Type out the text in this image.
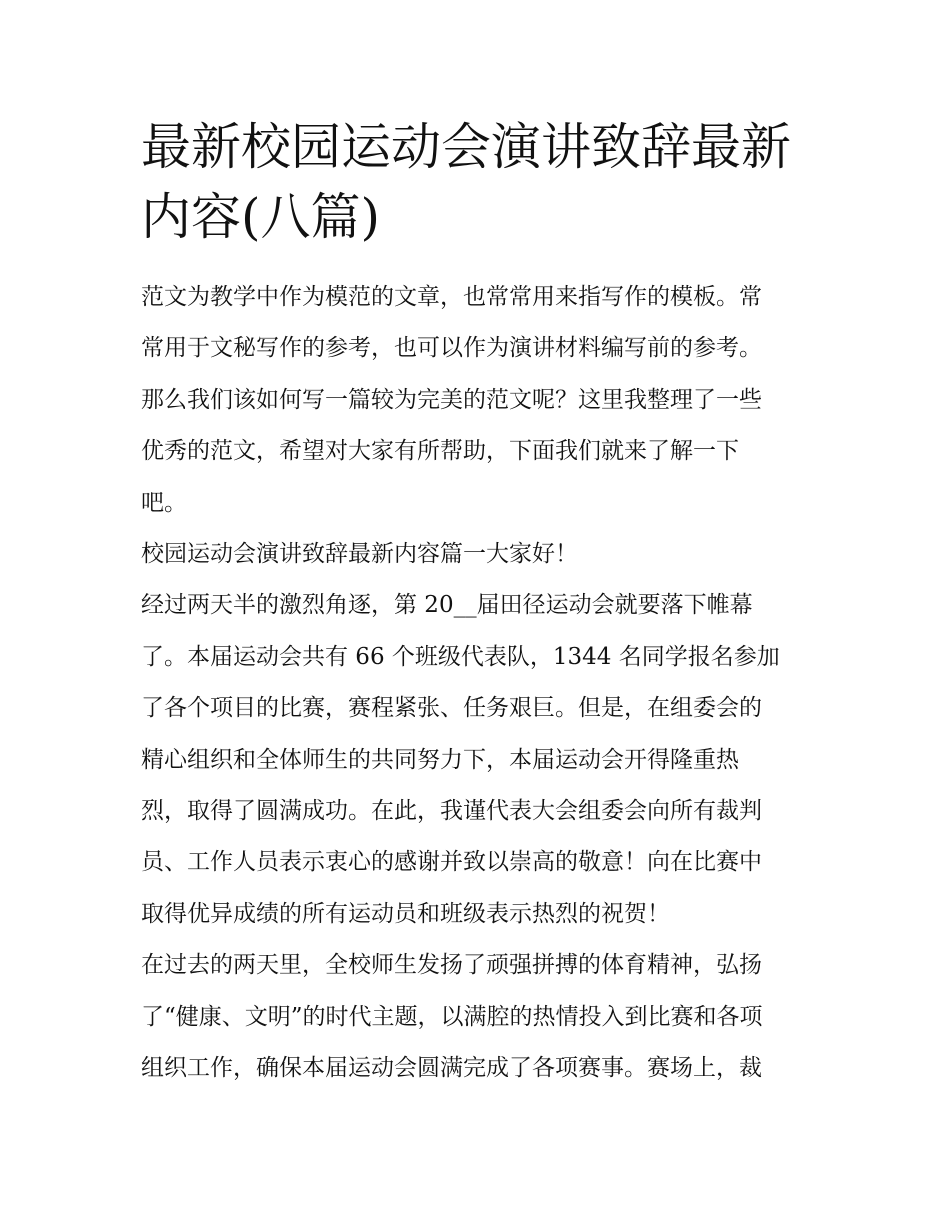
最新校园运动会演讲致辞最新
内容(八篇)

范文为教学中作为模范的文章，也常常用来指写作的模板。常
常用于文秘写作的参考，也可以作为演讲材料编写前的参考。
那么我们该如何写一篇较为完美的范文呢？这里我整理了一些
优秀的范文，希望对大家有所帮助，下面我们就来了解一下
吧。

校园运动会演讲致辞最新内容篇一大家好！

经过两天半的激烈角逐，第 20__届田径运动会就要落下帷幕
了。本届运动会共有 66 个班级代表队，1344 名同学报名参加
了各个项目的比赛，赛程紧张、任务艰巨。但是，在组委会的
精心组织和全体师生的共同努力下，本届运动会开得隆重热
烈，取得了圆满成功。在此，我谨代表大会组委会向所有裁判
员、工作人员表示衷心的感谢并致以崇高的敬意！向在比赛中
取得优异成绩的所有运动员和班级表示热烈的祝贺！

在过去的两天里，全校师生发扬了顽强拼搏的体育精神，弘扬
了“健康、文明”的时代主题，以满腔的热情投入到比赛和各项
组织工作，确保本届运动会圆满完成了各项赛事。赛场上，裁
